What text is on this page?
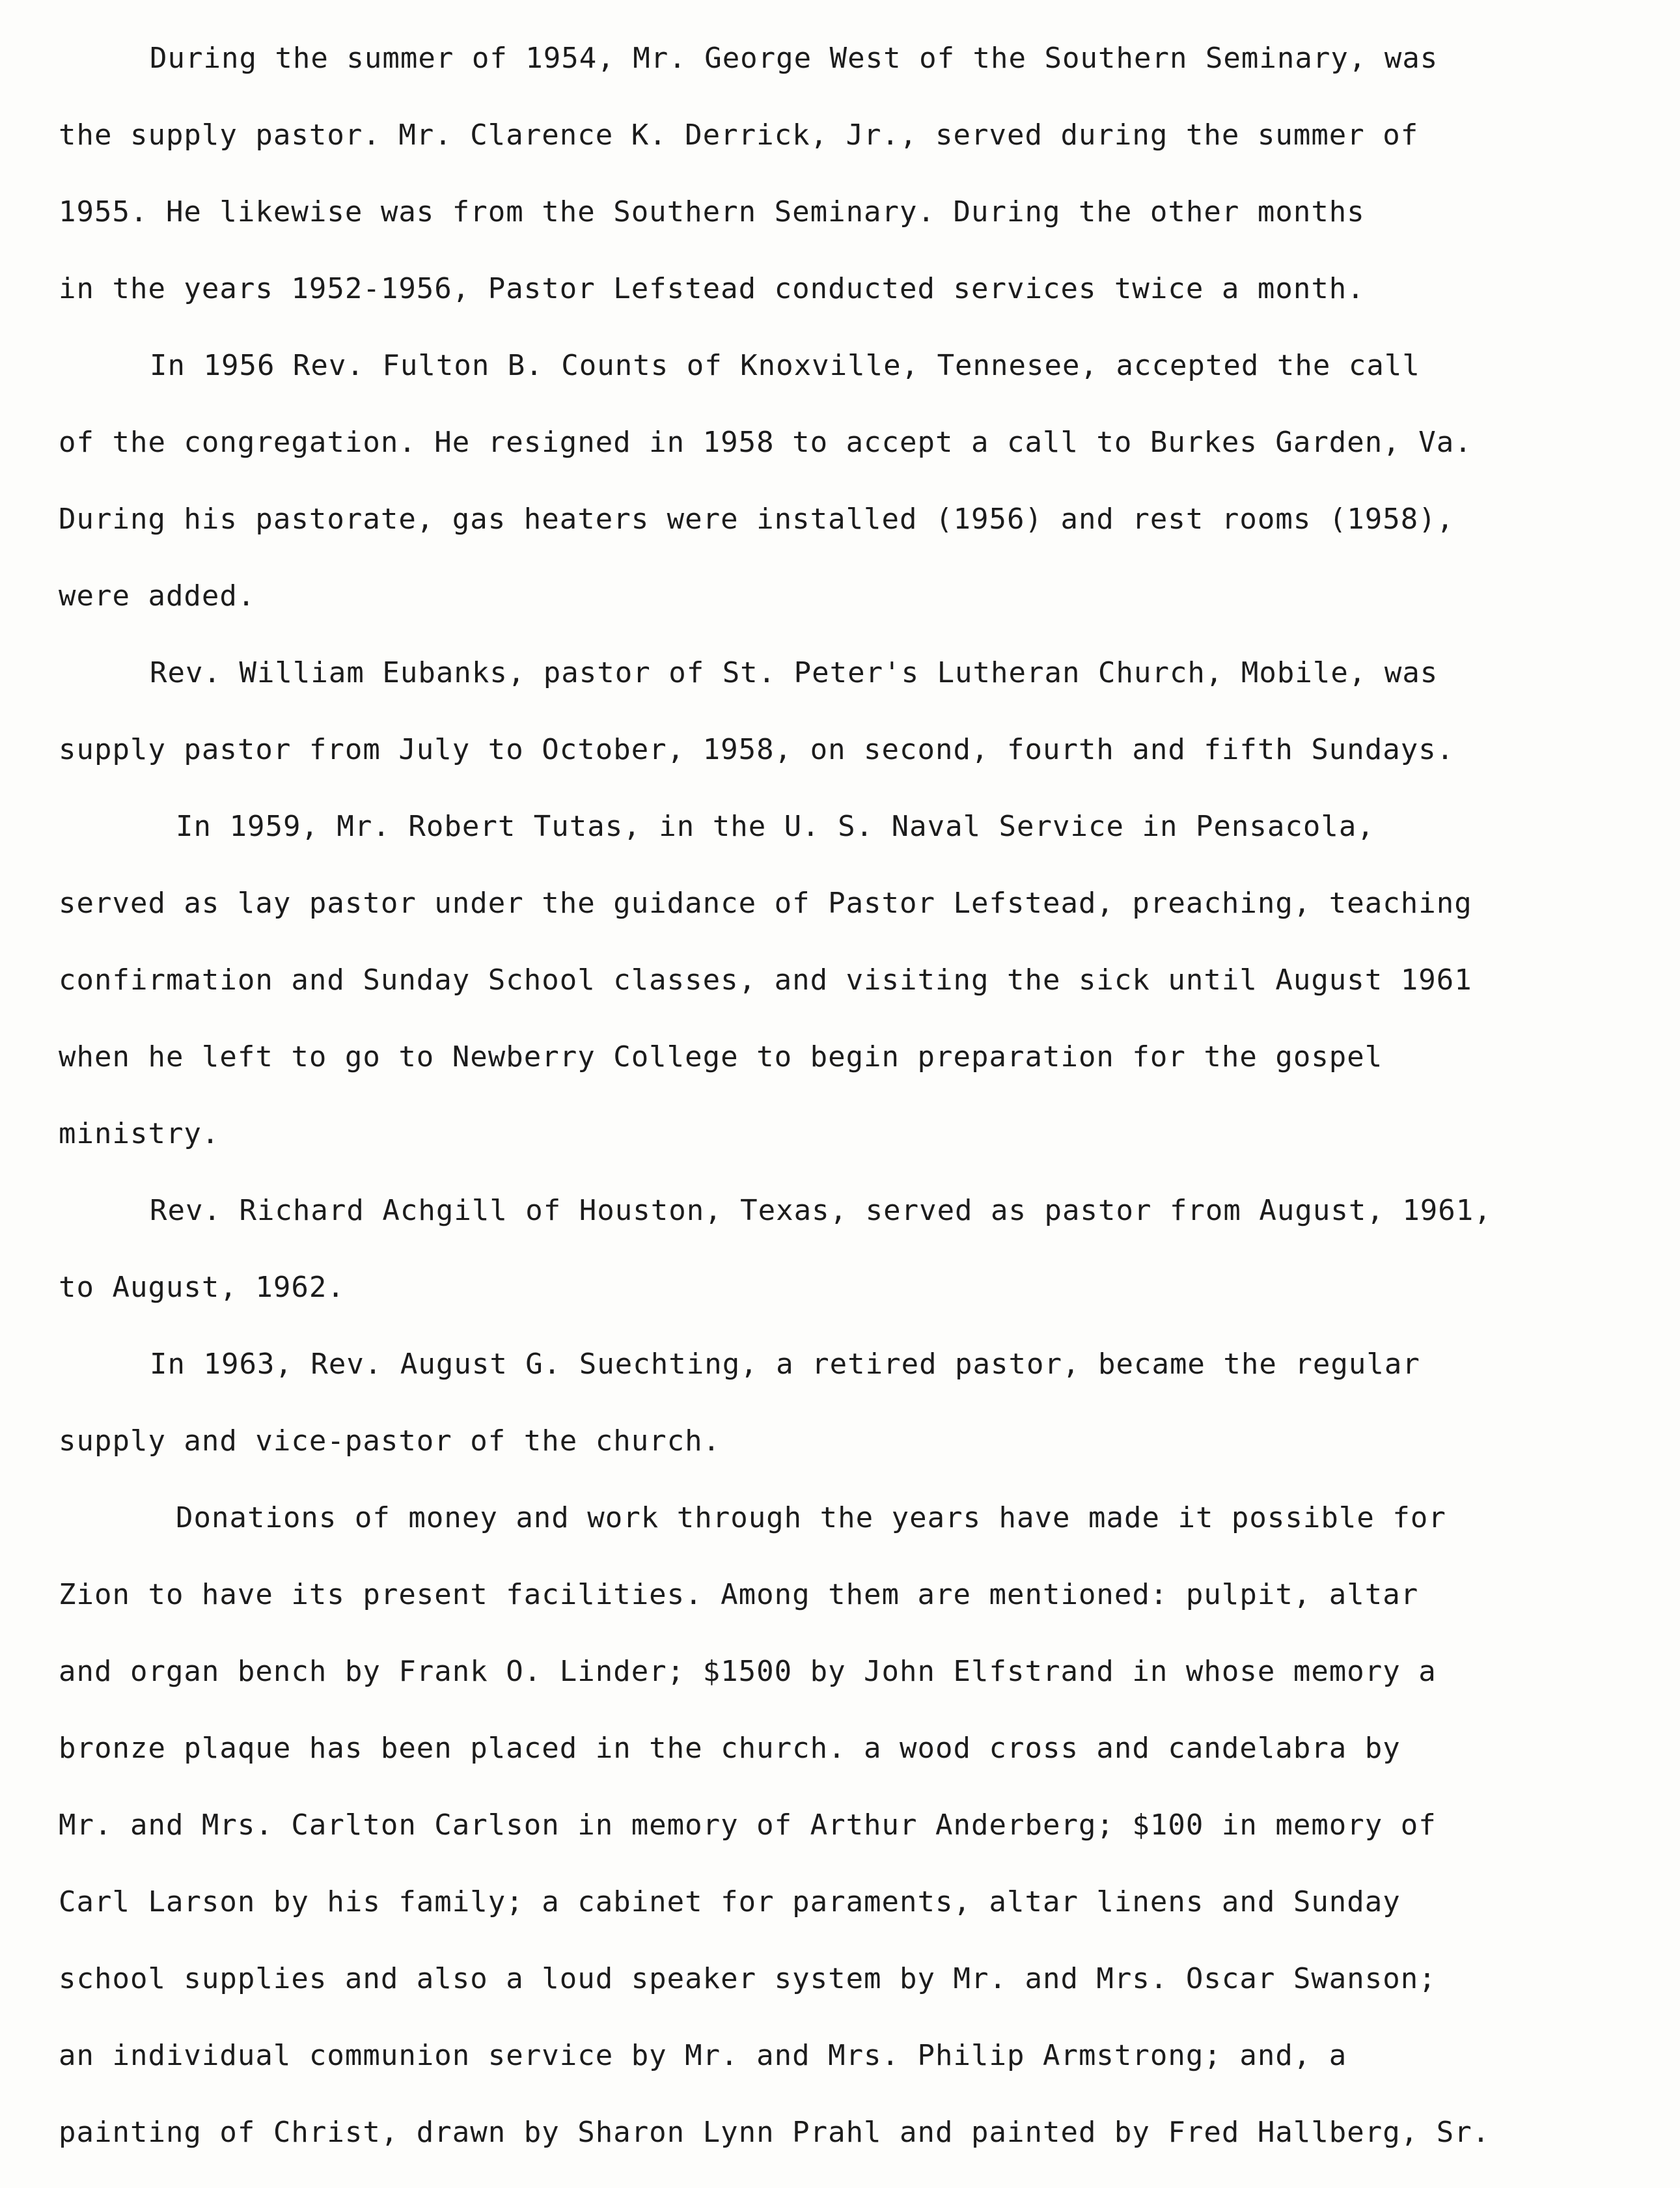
During the summer of 1954, Mr. George West of the Southern Seminary, was

the supply pastor. Mr. Clarence K. Derrick, Jr., served during the summer of

1955. He likewise was from the Southern Seminary. During the other months

in the years 1952-1956, Pastor Lefstead conducted services twice a month.

In 1956 Rev. Fulton B. Counts of Knoxville, Tennesee, accepted the call

of the congregation. He resigned in 1958 to accept a call to Burkes Garden, Va.

During his pastorate, gas heaters were installed (1956) and rest rooms (1958),

were added.

Rev. William Eubanks, pastor of St. Peter's Lutheran Church, Mobile, was

supply pastor from July to October, 1958, on second, fourth and fifth Sundays.

In 1959, Mr. Robert Tutas, in the U. S. Naval Service in Pensacola,

served as lay pastor under the guidance of Pastor Lefstead, preaching, teaching

confirmation and Sunday School classes, and visiting the sick until August 1961

when he left to go to Newberry College to begin preparation for the gospel

ministry.

Rev. Richard Achgill of Houston, Texas, served as pastor from August, 1961,

to August, 1962.

In 1963, Rev. August G. Suechting, a retired pastor, became the regular

supply and vice-pastor of the church.

Donations of money and work through the years have made it possible for

Zion to have its present facilities. Among them are mentioned: pulpit, altar

and organ bench by Frank O. Linder; $1500 by John Elfstrand in whose memory a

bronze plaque has been placed in the church. a wood cross and candelabra by

Mr. and Mrs. Carlton Carlson in memory of Arthur Anderberg; $100 in memory of

Carl Larson by his family; a cabinet for paraments, altar linens and Sunday

school supplies and also a loud speaker system by Mr. and Mrs. Oscar Swanson;

an individual communion service by Mr. and Mrs. Philip Armstrong; and, a

painting of Christ, drawn by Sharon Lynn Prahl and painted by Fred Hallberg, Sr.
